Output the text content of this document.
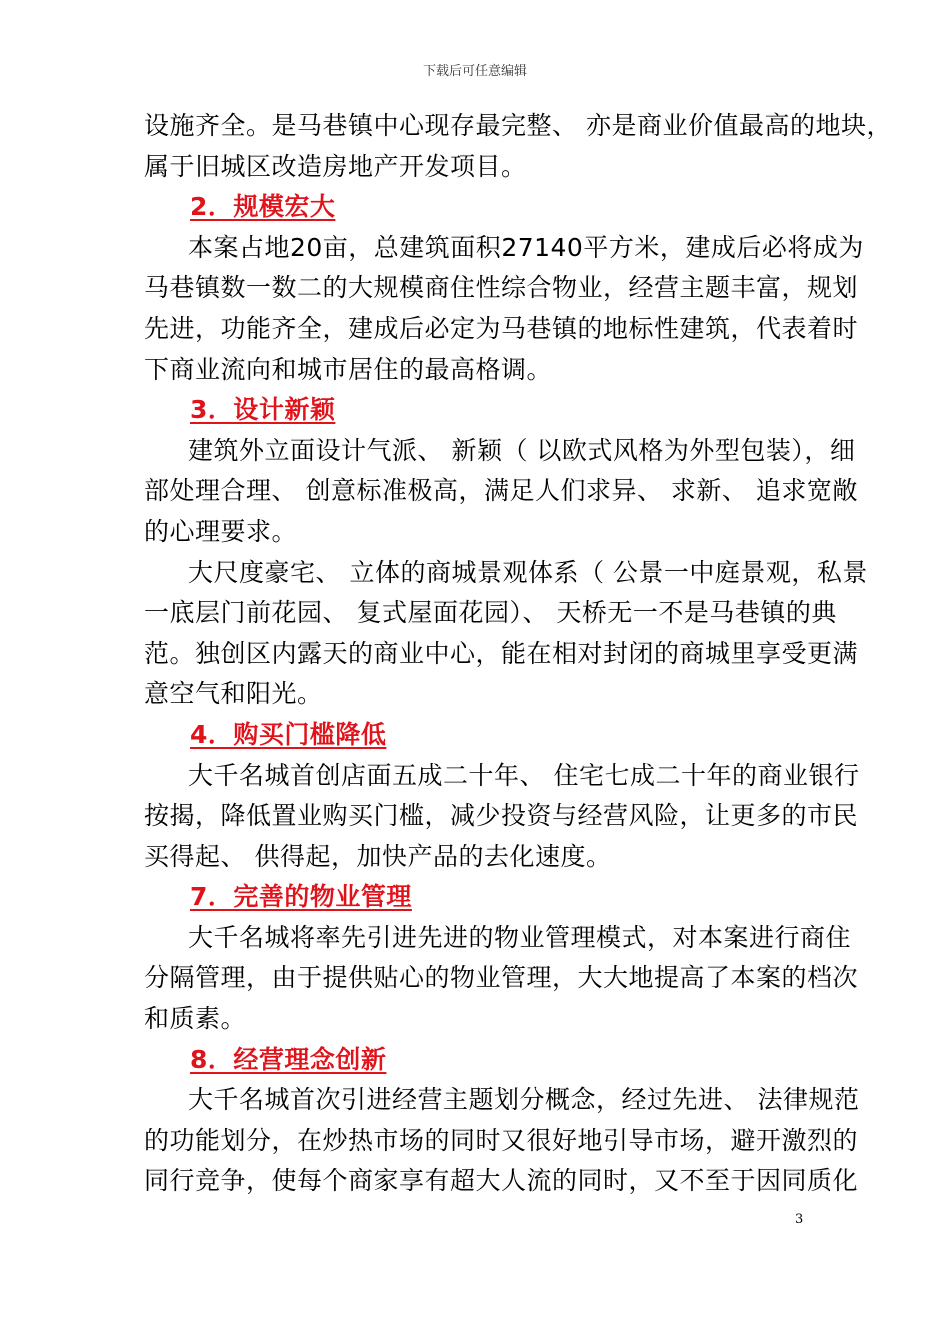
下载后可任意编辑
设施齐全。是马巷镇中心现存最完整、 亦是商业价值最高的地块，
属于旧城区改造房地产开发项目。
2．规模宏大
本案占地20亩，总建筑面积27140平方米，建成后必将成为
马巷镇数一数二的大规模商住性综合物业，经营主题丰富，规划
先进，功能齐全，建成后必定为马巷镇的地标性建筑，代表着时
下商业流向和城市居住的最高格调。
3．设计新颖
建筑外立面设计气派、 新颖（ 以欧式风格为外型包装），细
部处理合理、 创意标准极高，满足人们求异、 求新、 追求宽敞
的心理要求。
大尺度豪宅、 立体的商城景观体系（ 公景一中庭景观，私景
一底层门前花园、 复式屋面花园）、 天桥无一不是马巷镇的典
范。独创区内露天的商业中心，能在相对封闭的商城里享受更满
意空气和阳光。
4．购买门槛降低
大千名城首创店面五成二十年、 住宅七成二十年的商业银行
按揭，降低置业购买门槛，减少投资与经营风险，让更多的市民
买得起、 供得起，加快产品的去化速度。
7．完善的物业管理
大千名城将率先引进先进的物业管理模式，对本案进行商住
分隔管理，由于提供贴心的物业管理，大大地提高了本案的档次
和质素。
8．经营理念创新
大千名城首次引进经营主题划分概念，经过先进、 法律规范
的功能划分，在炒热市场的同时又很好地引导市场，避开激烈的
同行竞争，使每个商家享有超大人流的同时，又不至于因同质化
3
